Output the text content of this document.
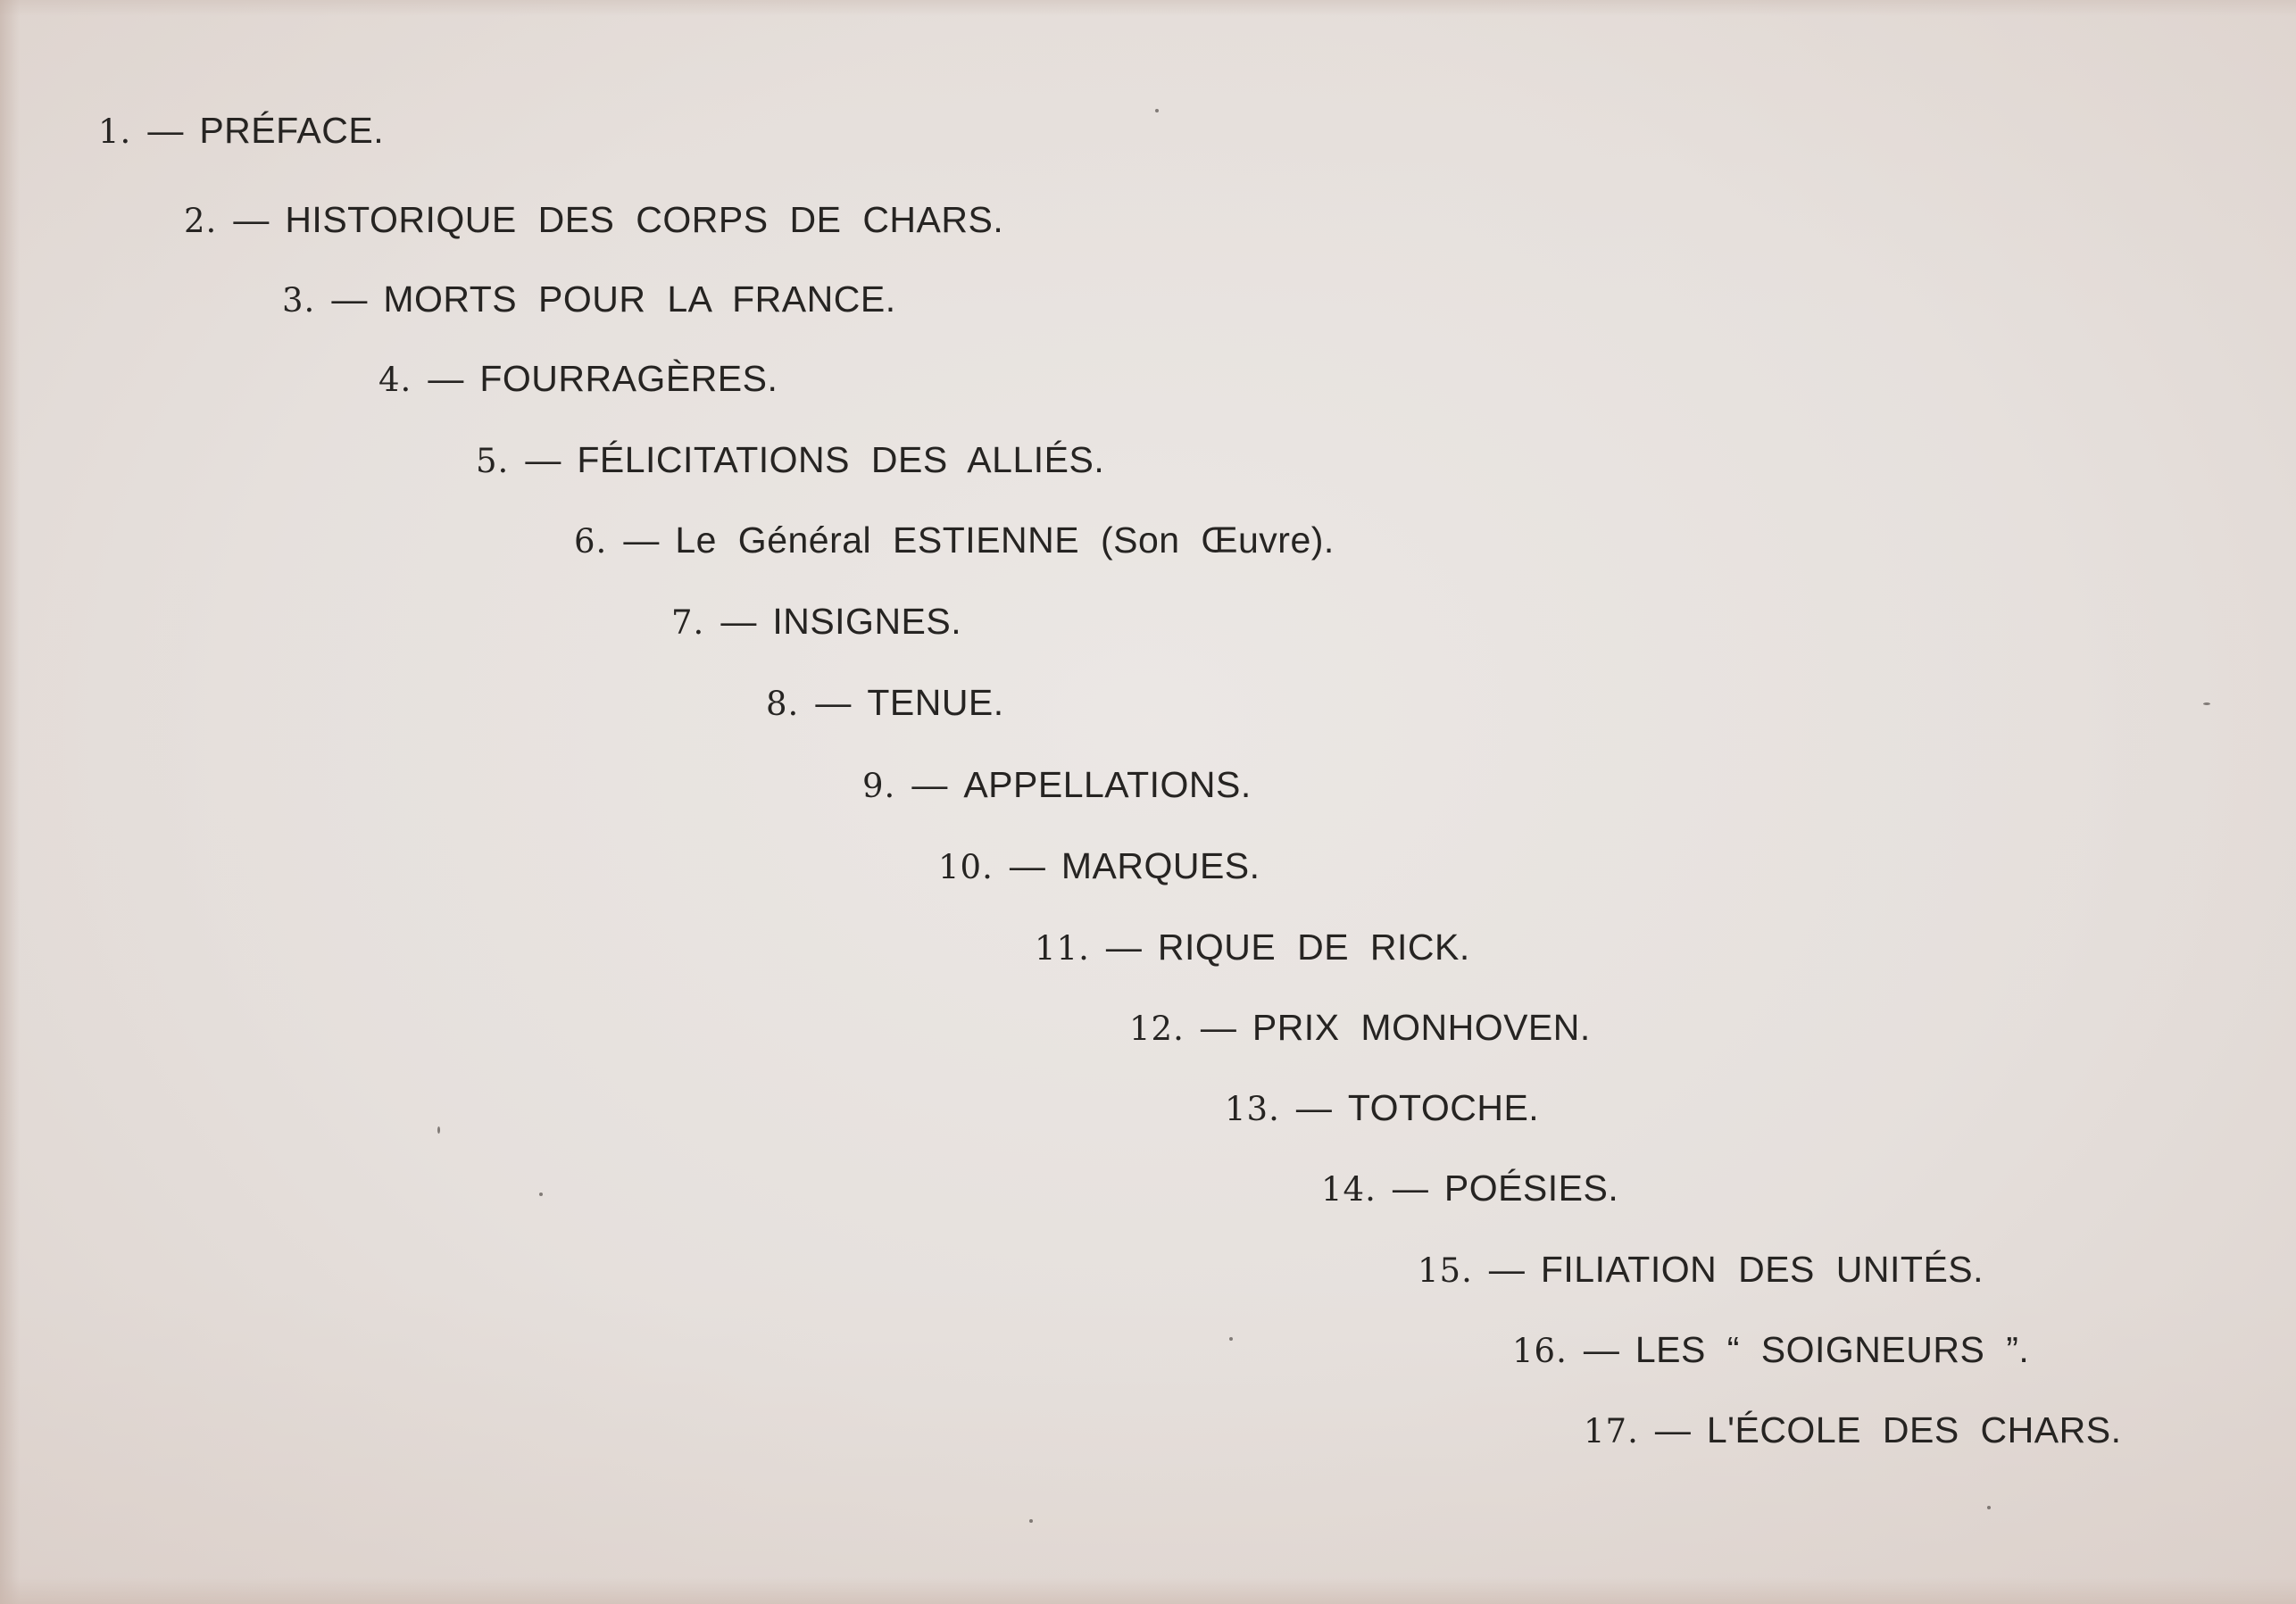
1. — PRÉFACE.
2. — HISTORIQUE DES CORPS DE CHARS.
3. — MORTS POUR LA FRANCE.
4. — FOURRAGÈRES.
5. — FÉLICITATIONS DES ALLIÉS.
6. — Le Général ESTIENNE (Son Œuvre).
7. — INSIGNES.
8. — TENUE.
9. — APPELLATIONS.
10. — MARQUES.
11. — RIQUE DE RICK.
12. — PRIX MONHOVEN.
13. — TOTOCHE.
14. — POÉSIES.
15. — FILIATION DES UNITÉS.
16. — LES “ SOIGNEURS ”.
17. — L'ÉCOLE DES CHARS.
